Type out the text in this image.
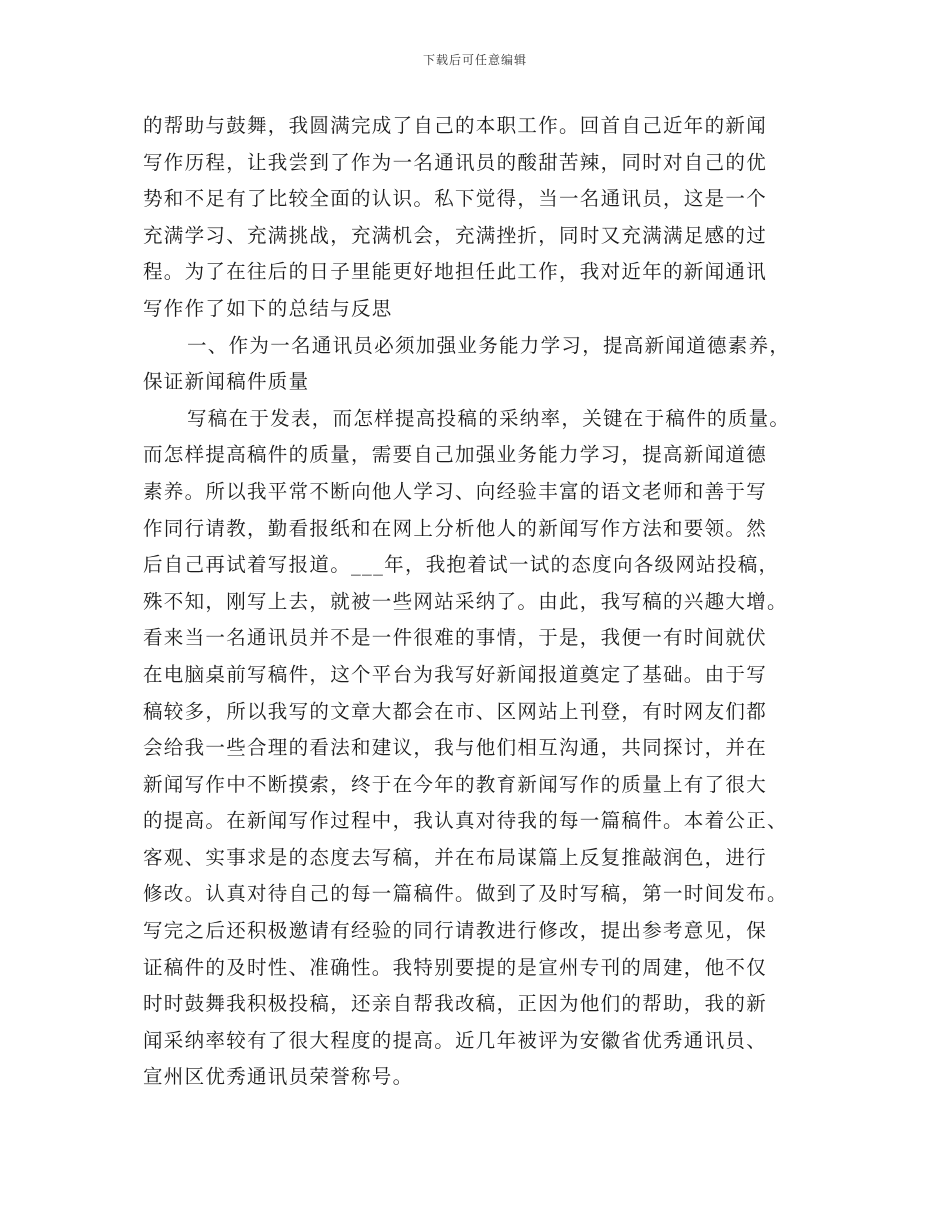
下载后可任意编辑
的帮助与鼓舞，我圆满完成了自己的本职工作。回首自己近年的新闻
写作历程，让我尝到了作为一名通讯员的酸甜苦辣，同时对自己的优
势和不足有了比较全面的认识。私下觉得，当一名通讯员，这是一个
充满学习、充满挑战，充满机会，充满挫折，同时又充满满足感的过
程。为了在往后的日子里能更好地担任此工作，我对近年的新闻通讯
写作作了如下的总结与反思
一、作为一名通讯员必须加强业务能力学习，提高新闻道德素养，
保证新闻稿件质量
写稿在于发表，而怎样提高投稿的采纳率，关键在于稿件的质量。
而怎样提高稿件的质量，需要自己加强业务能力学习，提高新闻道德
素养。所以我平常不断向他人学习、向经验丰富的语文老师和善于写
作同行请教，勤看报纸和在网上分析他人的新闻写作方法和要领。然
后自己再试着写报道。___年，我抱着试一试的态度向各级网站投稿，
殊不知，刚写上去，就被一些网站采纳了。由此，我写稿的兴趣大增。
看来当一名通讯员并不是一件很难的事情，于是，我便一有时间就伏
在电脑桌前写稿件，这个平台为我写好新闻报道奠定了基础。由于写
稿较多，所以我写的文章大都会在市、区网站上刊登，有时网友们都
会给我一些合理的看法和建议，我与他们相互沟通，共同探讨，并在
新闻写作中不断摸索，终于在今年的教育新闻写作的质量上有了很大
的提高。在新闻写作过程中，我认真对待我的每一篇稿件。本着公正、
客观、实事求是的态度去写稿，并在布局谋篇上反复推敲润色，进行
修改。认真对待自己的每一篇稿件。做到了及时写稿，第一时间发布。
写完之后还积极邀请有经验的同行请教进行修改，提出参考意见，保
证稿件的及时性、准确性。我特别要提的是宣州专刊的周建，他不仅
时时鼓舞我积极投稿，还亲自帮我改稿，正因为他们的帮助，我的新
闻采纳率较有了很大程度的提高。近几年被评为安徽省优秀通讯员、
宣州区优秀通讯员荣誉称号。
